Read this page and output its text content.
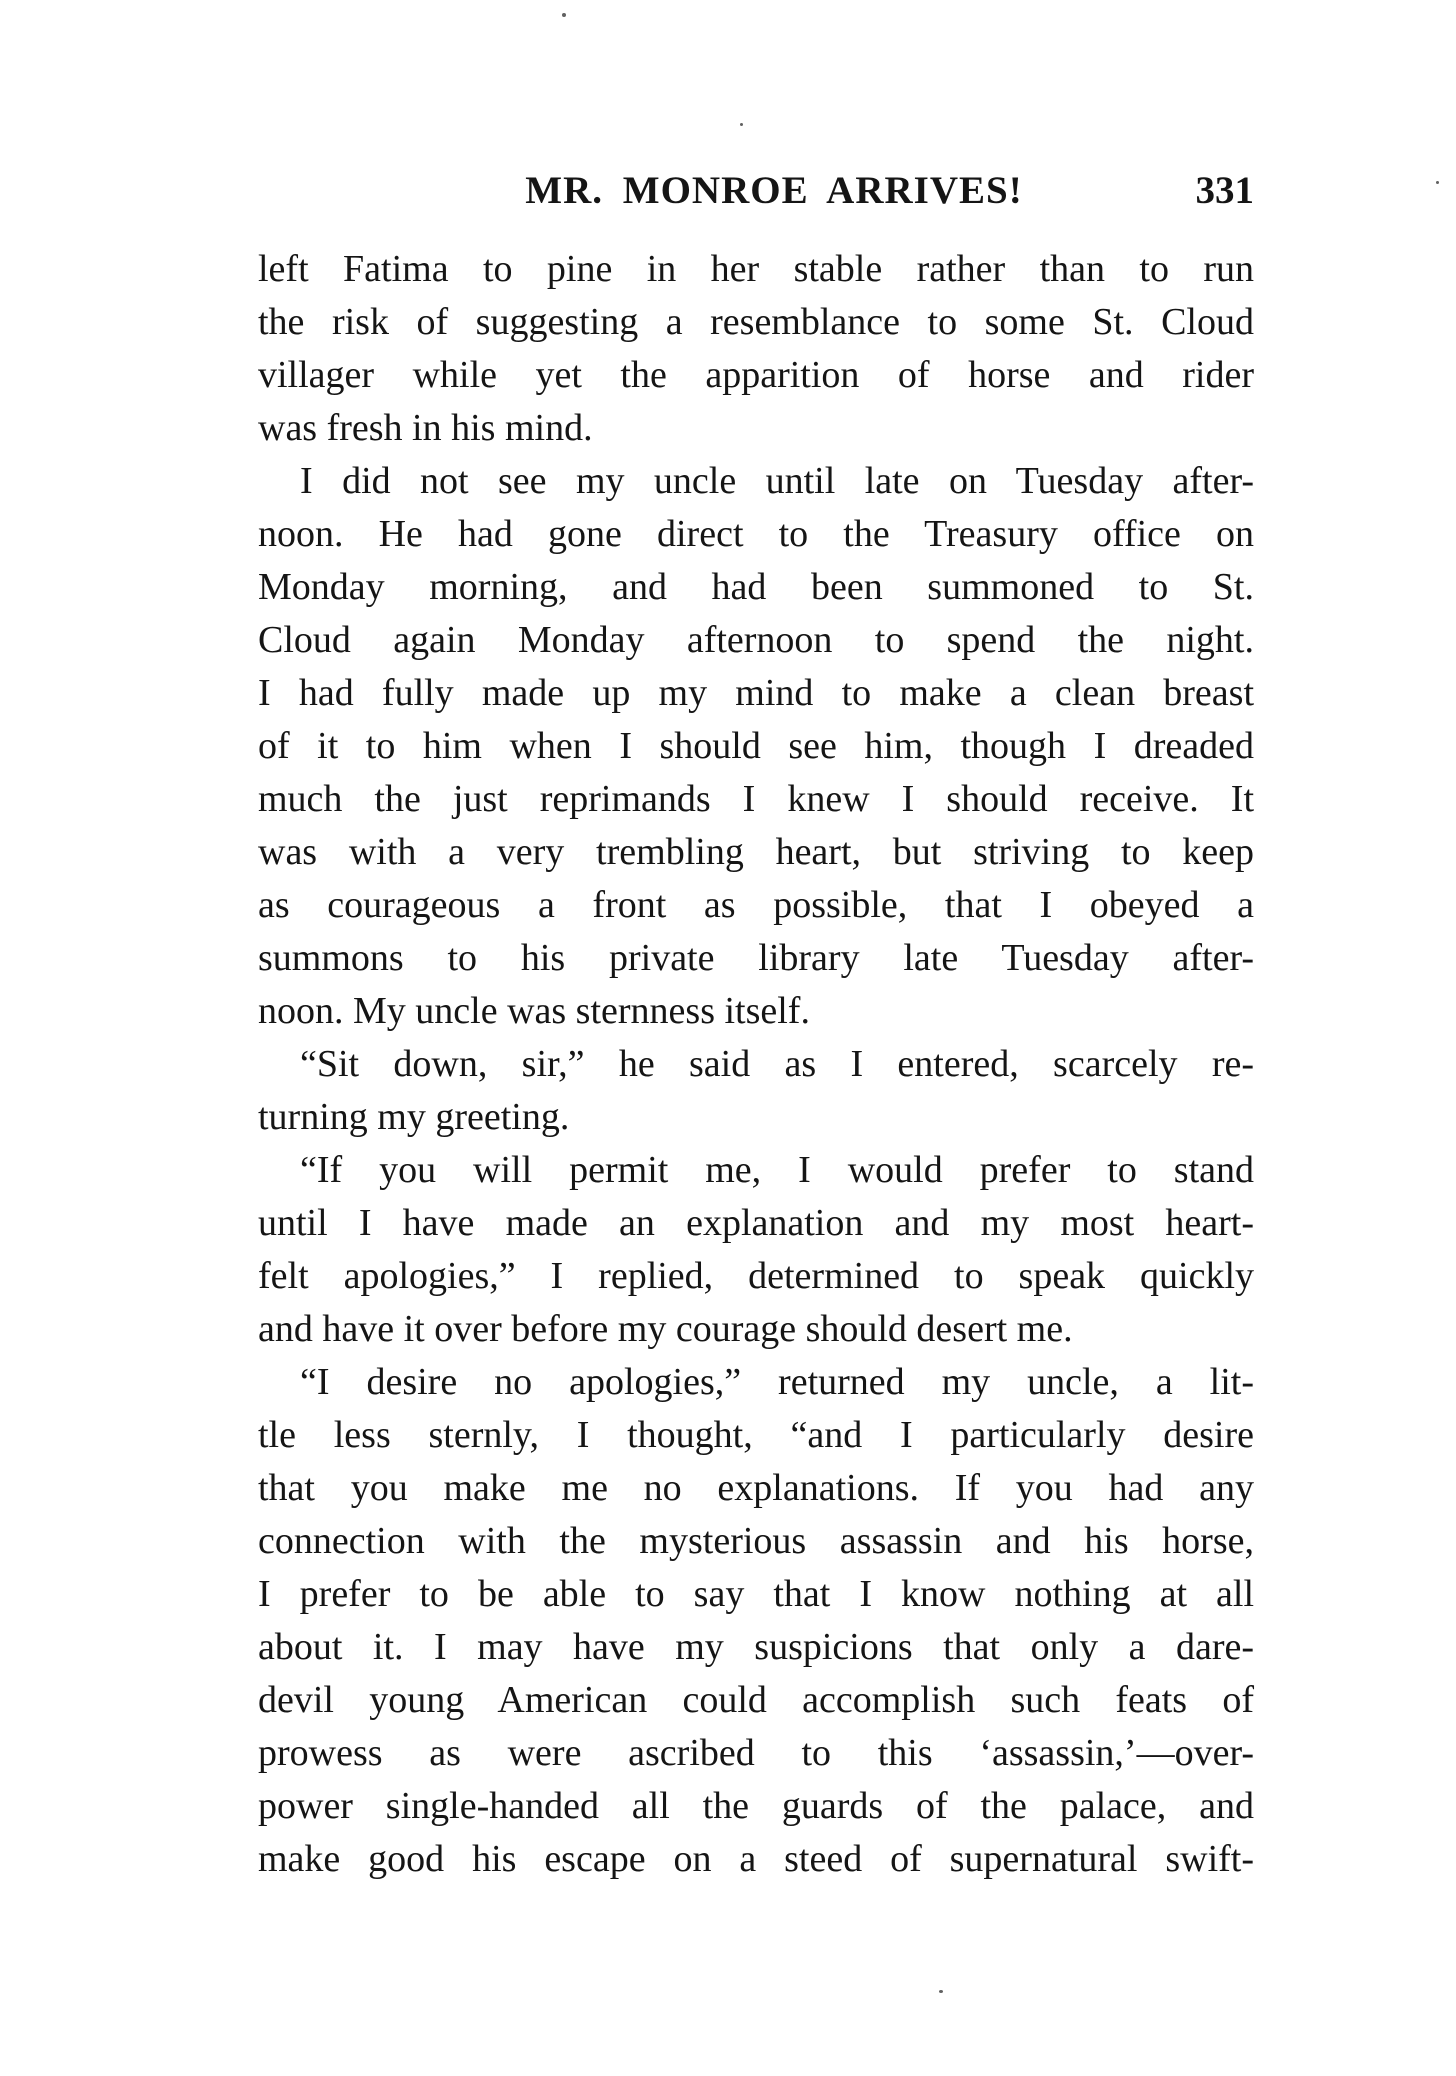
MR. MONROE ARRIVES!	331
left Fatima to pine in her stable rather than to run
the risk of suggesting a resemblance to some St. Cloud
villager while yet the apparition of horse and rider
was fresh in his mind.
I did not see my uncle until late on Tuesday after-
noon. He had gone direct to the Treasury office on
Monday morning, and had been summoned to St.
Cloud again Monday afternoon to spend the night.
I had fully made up my mind to make a clean breast
of it to him when I should see him, though I dreaded
much the just reprimands I knew I should receive. It
was with a very trembling heart, but striving to keep
as courageous a front as possible, that I obeyed a
summons to his private library late Tuesday after-
noon. My uncle was sternness itself.
“Sit down, sir,” he said as I entered, scarcely re-
turning my greeting.
“If you will permit me, I would prefer to stand
until I have made an explanation and my most heart-
felt apologies,” I replied, determined to speak quickly
and have it over before my courage should desert me.
“I desire no apologies,” returned my uncle, a lit-
tle less sternly, I thought, “and I particularly desire
that you make me no explanations. If you had any
connection with the mysterious assassin and his horse,
I prefer to be able to say that I know nothing at all
about it. I may have my suspicions that only a dare-
devil young American could accomplish such feats of
prowess as were ascribed to this ‘assassin,’—over-
power single-handed all the guards of the palace, and
make good his escape on a steed of supernatural swift-
